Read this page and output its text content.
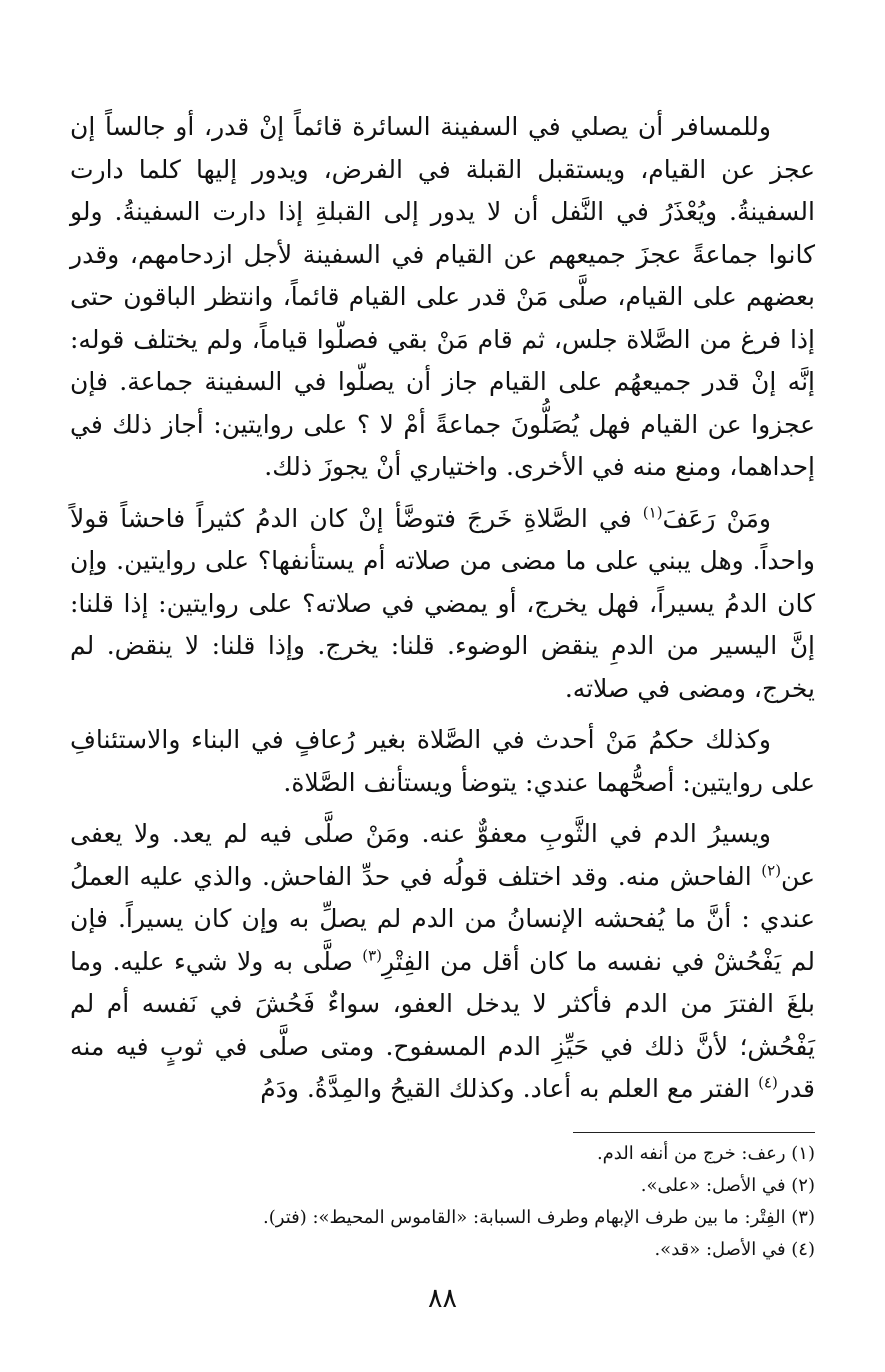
وللمسافر أن يصلي في السفينة السائرة قائماً إنْ قدر، أو جالساً إن عجز عن القيام، ويستقبل القبلة في الفرض، ويدور إليها كلما دارت السفينةُ. ويُعْذَرُ في النَّفل أن لا يدور إلى القبلةِ إذا دارت السفينةُ. ولو كانوا جماعةً عجزَ جميعهم عن القيام في السفينة لأجل ازدحامهم، وقدر بعضهم على القيام، صلَّى مَنْ قدر على القيام قائماً، وانتظر الباقون حتى إذا فرغ من الصَّلاة جلس، ثم قام مَنْ بقي فصلّوا قياماً، ولم يختلف قوله: إنَّه إنْ قدر جميعهُم على القيام جاز أن يصلّوا في السفينة جماعة. فإن عجزوا عن القيام فهل يُصَلُّونَ جماعةً أمْ لا ؟ على روايتين: أجاز ذلك في إحداهما، ومنع منه في الأخرى. واختياري أنْ يجوزَ ذلك.

ومَنْ رَعَفَ$^{(١)}$ في الصَّلاةِ خَرجَ فتوضَّأ إنْ كان الدمُ كثيراً فاحشاً قولاً واحداً. وهل يبني على ما مضى من صلاته أم يستأنفها؟ على روايتين. وإن كان الدمُ يسيراً، فهل يخرج، أو يمضي في صلاته؟ على روايتين: إذا قلنا: إنَّ اليسير من الدمِ ينقض الوضوء. قلنا: يخرج. وإذا قلنا: لا ينقض. لم يخرج، ومضى في صلاته.

وكذلك حكمُ مَنْ أحدث في الصَّلاة بغير رُعافٍ في البناء والاستئنافِ على روايتين: أصحُّهما عندي: يتوضأ ويستأنف الصَّلاة.

ويسيرُ الدم في الثَّوبِ معفوٌّ عنه. ومَنْ صلَّى فيه لم يعد. ولا يعفى عن$^{(٢)}$ الفاحش منه. وقد اختلف قولُه في حدِّ الفاحش. والذي عليه العملُ عندي : أنَّ ما يُفحشه الإنسانُ من الدم لم يصلِّ به وإن كان يسيراً. فإن لم يَفْحُشْ في نفسه ما كان أقل من الفِتْرِ$^{(٣)}$ صلَّى به ولا شيء عليه. وما بلغَ الفترَ من الدم فأكثر لا يدخل العفو، سواءٌ فَحُشَ في نَفسه أم لم يَفْحُش؛ لأنَّ ذلك في حَيِّزِ الدم المسفوح. ومتى صلَّى في ثوبٍ فيه منه قدر$^{(٤)}$ الفتر مع العلم به أعاد. وكذلك القيحُ والمِدَّةُ. ودَمُ

(١) رعف: خرج من أنفه الدم.

(٢) في الأصل: «على».

(٣) الفِتْر: ما بين طرف الإبهام وطرف السبابة: «القاموس المحيط»: (فتر).

(٤) في الأصل: «قد».

٨٨
